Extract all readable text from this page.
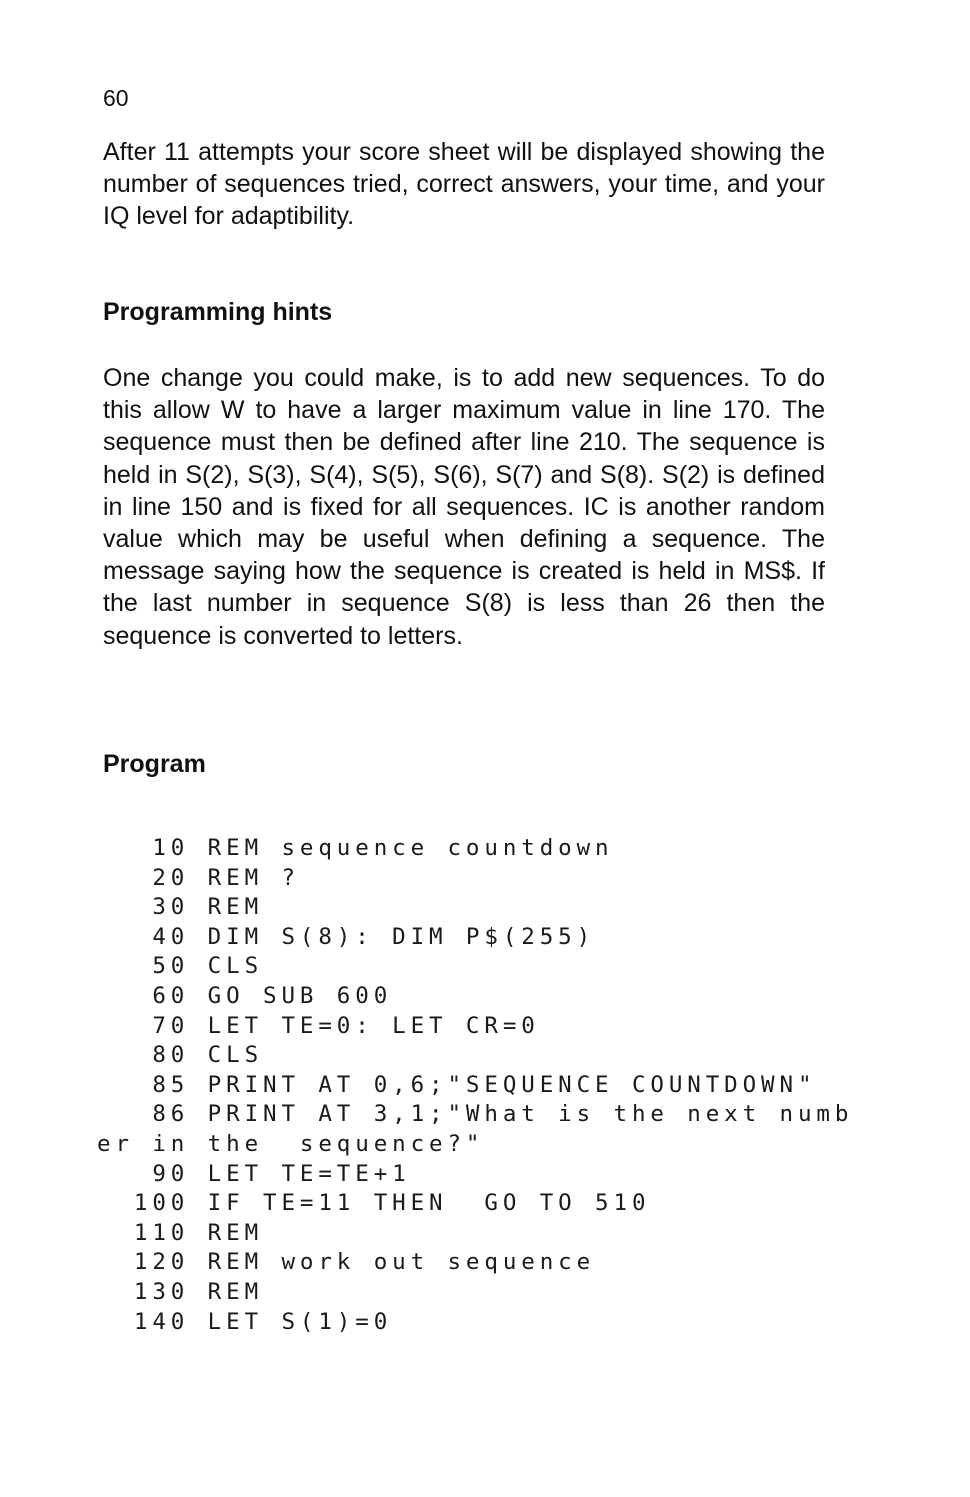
60

After 11 attempts your score sheet will be displayed showing the number of sequences tried, correct answers, your time, and your IQ level for adaptibility.

Programming hints

One change you could make, is to add new sequences. To do this allow W to have a larger maximum value in line 170. The sequence must then be defined after line 210. The sequence is held in S(2), S(3), S(4), S(5), S(6), S(7) and S(8). S(2) is defined in line 150 and is fixed for all sequences. IC is another random value which may be useful when defining a sequence. The message saying how the sequence is created is held in MS$. If the last number in sequence S(8) is less than 26 then the sequence is converted to letters.

Program
10 REM sequence countdown
20 REM ?
30 REM
40 DIM S(8): DIM P$(255)
50 CLS
60 GO SUB 600
70 LET TE=0: LET CR=0
80 CLS
85 PRINT AT 0,6;"SEQUENCE COUNTDOWN"
86 PRINT AT 3,1;"What is the next numb
er in the  sequence?"
90 LET TE=TE+1
100 IF TE=11 THEN  GO TO 510
110 REM
120 REM work out sequence
130 REM
140 LET S(1)=0
